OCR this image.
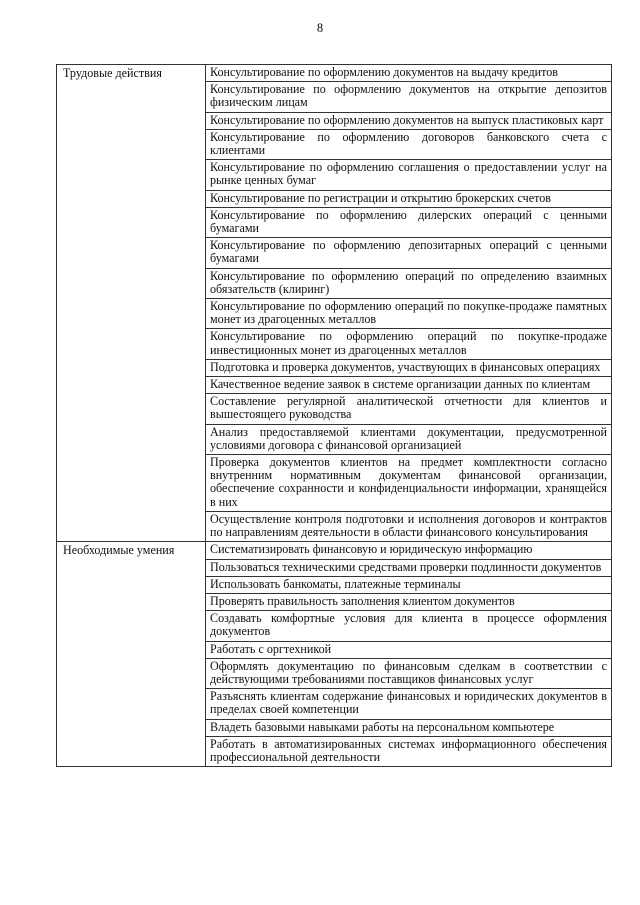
8
Трудовые действия	Консультирование по оформлению документов на выдачу кредитов
	Консультирование по оформлению документов на открытие депозитов физическим лицам
	Консультирование по оформлению документов на выпуск пластиковых карт
	Консультирование по оформлению договоров банковского счета с клиентами
	Консультирование по оформлению соглашения о предоставлении услуг на рынке ценных бумаг
	Консультирование по регистрации и открытию брокерских счетов
	Консультирование по оформлению дилерских операций с ценными бумагами
	Консультирование по оформлению депозитарных операций с ценными бумагами
	Консультирование по оформлению операций по определению взаимных обязательств (клиринг)
	Консультирование по оформлению операций по покупке-продаже памятных монет из драгоценных металлов
	Консультирование по оформлению операций по покупке-продаже инвестиционных монет из драгоценных металлов
	Подготовка и проверка документов, участвующих в финансовых операциях
	Качественное ведение заявок в системе организации данных по клиентам
	Составление регулярной аналитической отчетности для клиентов и вышестоящего руководства
	Анализ предоставляемой клиентами документации, предусмотренной условиями договора с финансовой организацией
	Проверка документов клиентов на предмет комплектности согласно внутренним нормативным документам финансовой организации, обеспечение сохранности и конфиденциальности информации, хранящейся в них
	Осуществление контроля подготовки и исполнения договоров и контрактов по направлениям деятельности в области финансового консультирования
Необходимые умения	Систематизировать финансовую и юридическую информацию
	Пользоваться техническими средствами проверки подлинности документов
	Использовать банкоматы, платежные терминалы
	Проверять правильность заполнения клиентом документов
	Создавать комфортные условия для клиента в процессе оформления документов
	Работать с оргтехникой
	Оформлять документацию по финансовым сделкам в соответствии с действующими требованиями поставщиков финансовых услуг
	Разъяснять клиентам содержание финансовых и юридических документов в пределах своей компетенции
	Владеть базовыми навыками работы на персональном компьютере
	Работать в автоматизированных системах информационного обеспечения профессиональной деятельности
